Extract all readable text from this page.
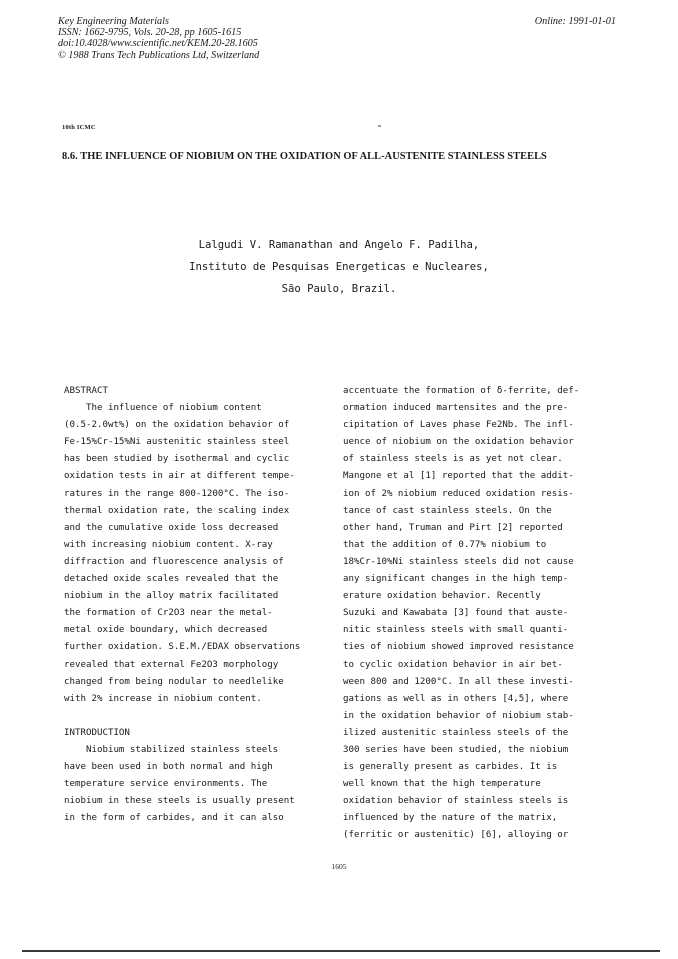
Key Engineering Materials
ISSN: 1662-9795, Vols. 20-28, pp 1605-1615
doi:10.4028/www.scientific.net/KEM.20-28.1605
© 1988 Trans Tech Publications Ltd, Switzerland
Online: 1991-01-01
10th ICMC
8.6. THE INFLUENCE OF NIOBIUM ON THE OXIDATION OF ALL-AUSTENITE STAINLESS STEELS
Lalgudi V. Ramanathan and Angelo F. Padilha,
Instituto de Pesquisas Energeticas e Nucleares,
São Paulo, Brazil.
ABSTRACT
The influence of niobium content
(0.5-2.0wt%) on the oxidation behavior of
Fe-15%Cr-15%Ni austenitic stainless steel
has been studied by isothermal and cyclic
oxidation tests in air at different tempe-
ratures in the range 800-1200°C. The iso-
thermal oxidation rate, the scaling index
and the cumulative oxide loss decreased
with increasing niobium content. X-ray
diffraction and fluorescence analysis of
detached oxide scales revealed that the
niobium in the alloy matrix facilitated
the formation of Cr2O3 near the metal-
metal oxide boundary, which decreased
further oxidation. S.E.M./EDAX observations
revealed that external Fe2O3 morphology
changed from being nodular to needlelike
with 2% increase in niobium content.
INTRODUCTION
Niobium stabilized stainless steels
have been used in both normal and high
temperature service environments. The
niobium in these steels is usually present
in the form of carbides, and it can also
accentuate the formation of δ-ferrite, def-
ormation induced martensites and the pre-
cipitation of Laves phase Fe2Nb. The infl-
uence of niobium on the oxidation behavior
of stainless steels is as yet not clear.
Mangone et al [1] reported that the addit-
ion of 2% niobium reduced oxidation resis-
tance of cast stainless steels. On the
other hand, Truman and Pirt [2] reported
that the addition of 0.77% niobium to
18%Cr-10%Ni stainless steels did not cause
any significant changes in the high temp-
erature oxidation behavior. Recently
Suzuki and Kawabata [3] found that auste-
nitic stainless steels with small quanti-
ties of niobium showed improved resistance
to cyclic oxidation behavior in air bet-
ween 800 and 1200°C. In all these investi-
gations as well as in others [4,5], where
in the oxidation behavior of niobium stab-
ilized austenitic stainless steels of the
300 series have been studied, the niobium
is generally present as carbides. It is
well known that the high temperature
oxidation behavior of stainless steels is
influenced by the nature of the matrix,
(ferritic or austenitic) [6], alloying or
1605
